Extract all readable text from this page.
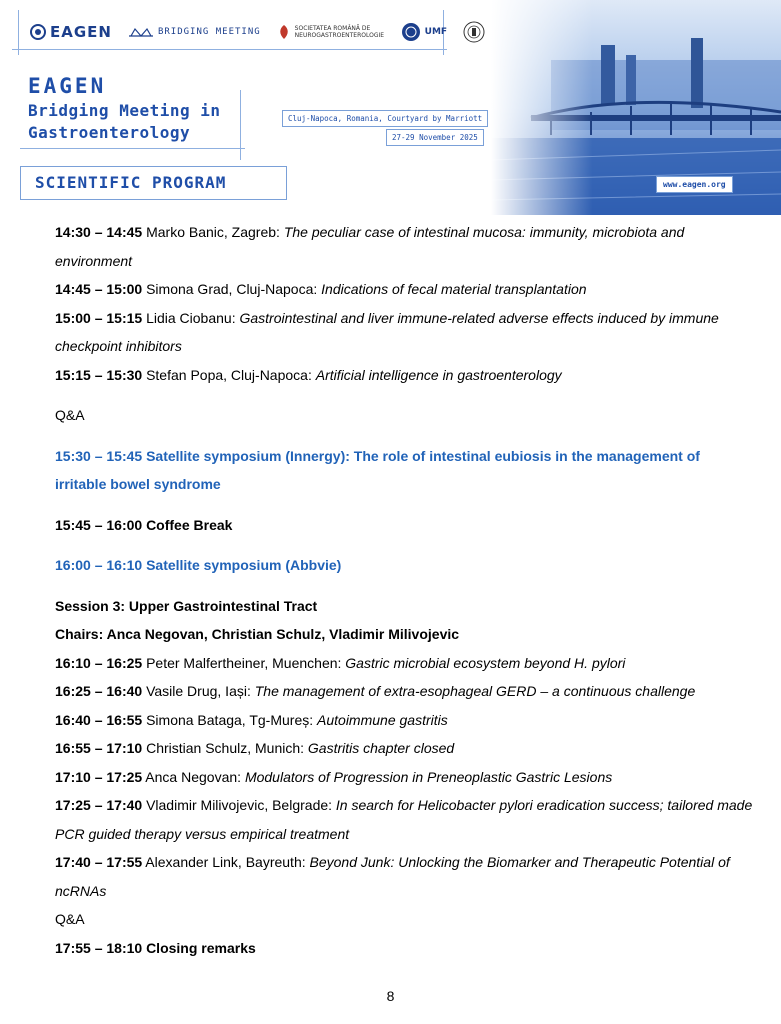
EAGEN	BRIDGING MEETING	SOCIETATEA ROMÂNĂ DE NEUROGASTROENTEROLOGIE	UMF
EAGEN
Bridging Meeting in
Gastroenterology
Cluj-Napoca, Romania, Courtyard by Marriott
27-29 November 2025
SCIENTIFIC PROGRAM	www.eagen.org

14:30 – 14:45 Marko Banic, Zagreb: The peculiar case of intestinal mucosa: immunity, microbiota and environment

14:45 – 15:00 Simona Grad, Cluj-Napoca: Indications of fecal material transplantation

15:00 – 15:15 Lidia Ciobanu: Gastrointestinal and liver immune-related adverse effects induced by immune checkpoint inhibitors

15:15 – 15:30 Stefan Popa, Cluj-Napoca: Artificial intelligence in gastroenterology

Q&A

15:30 – 15:45 Satellite symposium (Innergy): The role of intestinal eubiosis in the management of irritable bowel syndrome

15:45 – 16:00 Coffee Break

16:00 – 16:10 Satellite symposium (Abbvie)

Session 3: Upper Gastrointestinal Tract

Chairs: Anca Negovan, Christian Schulz, Vladimir Milivojevic

16:10 – 16:25 Peter Malfertheiner, Muenchen: Gastric microbial ecosystem beyond H. pylori

16:25 – 16:40 Vasile Drug, Iași: The management of extra-esophageal GERD – a continuous challenge

16:40 – 16:55 Simona Bataga, Tg-Mureș: Autoimmune gastritis

16:55 – 17:10 Christian Schulz, Munich: Gastritis chapter closed

17:10 – 17:25 Anca Negovan: Modulators of Progression in Preneoplastic Gastric Lesions

17:25 – 17:40 Vladimir Milivojevic, Belgrade: In search for Helicobacter pylori eradication success; tailored made PCR guided therapy versus empirical treatment

17:40 – 17:55 Alexander Link, Bayreuth: Beyond Junk: Unlocking the Biomarker and Therapeutic Potential of ncRNAs

Q&A

17:55 – 18:10 Closing remarks

8
